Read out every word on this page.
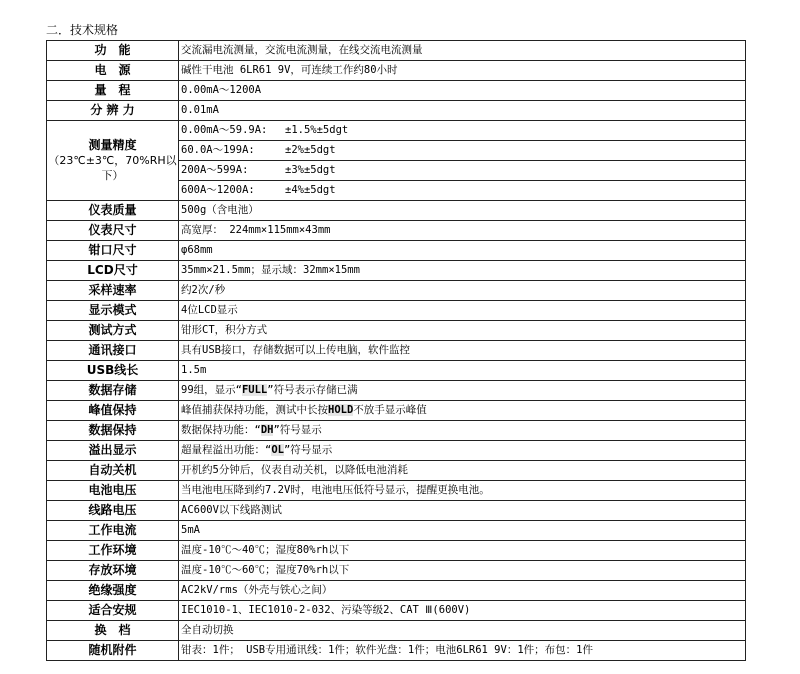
二．技术规格
功　能	交流漏电流测量，交流电流测量，在线交流电流测量
电　源	碱性干电池 6LR61 9V，可连续工作约80小时
量　程	0.00mA～1200A
分 辨 力	0.01mA
测量精度
（23℃±3℃，70%RH以下）	0.00mA～59.9A: ±1.5%±5dgt
	60.0A～199A: ±2%±5dgt
	200A～599A: ±3%±5dgt
	600A～1200A: ±4%±5dgt
仪表质量	500g（含电池）
仪表尺寸	高宽厚： 224mm×115mm×43mm
钳口尺寸	φ68mm
LCD尺寸	35mm×21.5mm；显示域：32mm×15mm
采样速率	约2次/秒
显示模式	4位LCD显示
测试方式	钳形CT，积分方式
通讯接口	具有USB接口，存储数据可以上传电脑，软件监控
USB线长	1.5m
数据存储	99组，显示“FULL”符号表示存储已满
峰值保持	峰值捕获保持功能，测试中长按HOLD不放手显示峰值
数据保持	数据保持功能：“DH”符号显示
溢出显示	超量程溢出功能：“OL”符号显示
自动关机	开机约5分钟后，仪表自动关机，以降低电池消耗
电池电压	当电池电压降到约7.2V时，电池电压低符号显示，提醒更换电池。
线路电压	AC600V以下线路测试
工作电流	5mA
工作环境	温度-10℃～40℃；湿度80%rh以下
存放环境	温度-10℃～60℃；湿度70%rh以下
绝缘强度	AC2kV/rms（外壳与铁心之间）
适合安规	IEC1010-1、IEC1010-2-032、污染等级2、CAT Ⅲ(600V)
换　档	全自动切换
随机附件	钳表：1件； USB专用通讯线：1件；软件光盘：1件；电池6LR61 9V：1件；布包：1件
